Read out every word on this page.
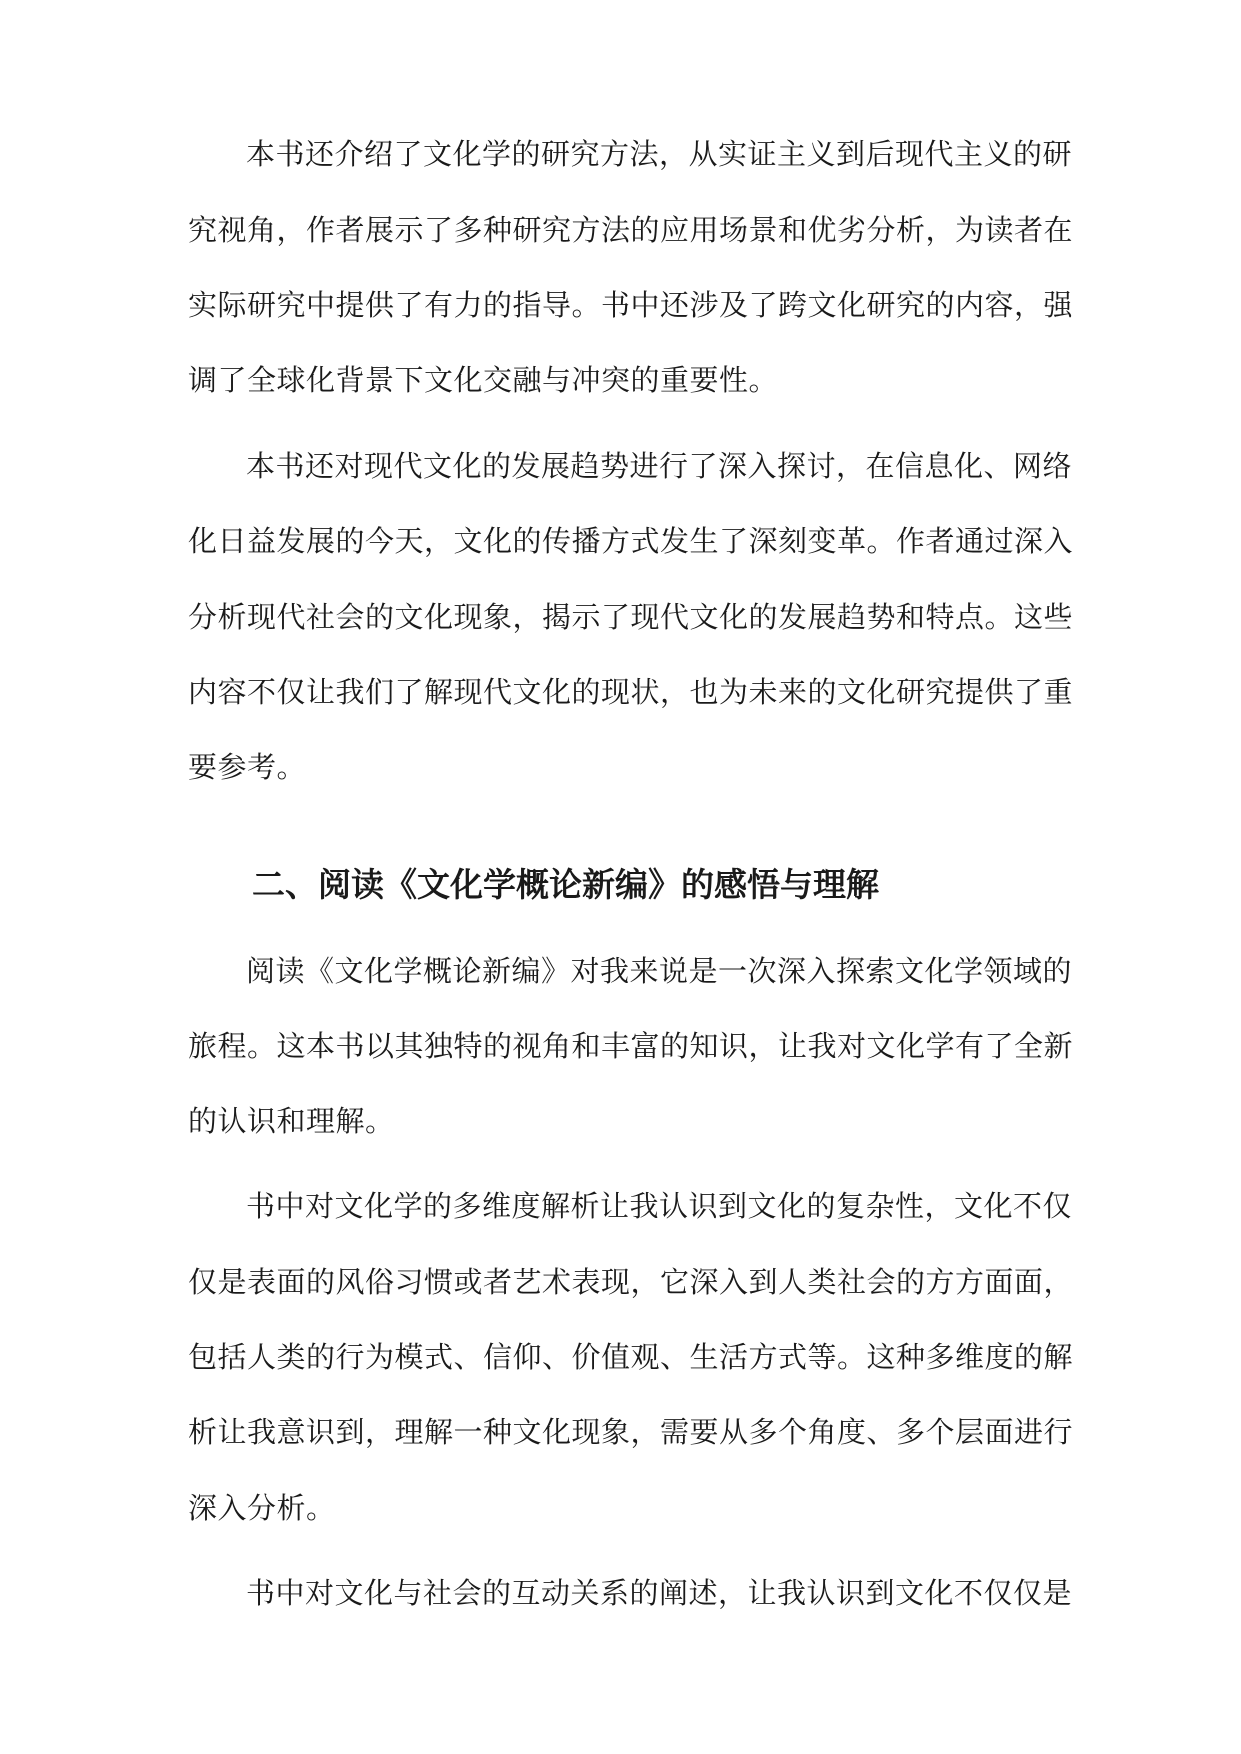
本书还介绍了文化学的研究方法，从实证主义到后现代主义的研
究视角，作者展示了多种研究方法的应用场景和优劣分析，为读者在
实际研究中提供了有力的指导。书中还涉及了跨文化研究的内容，强
调了全球化背景下文化交融与冲突的重要性。
本书还对现代文化的发展趋势进行了深入探讨，在信息化、网络
化日益发展的今天，文化的传播方式发生了深刻变革。作者通过深入
分析现代社会的文化现象，揭示了现代文化的发展趋势和特点。这些
内容不仅让我们了解现代文化的现状，也为未来的文化研究提供了重
要参考。
二、阅读《文化学概论新编》的感悟与理解
阅读《文化学概论新编》对我来说是一次深入探索文化学领域的
旅程。这本书以其独特的视角和丰富的知识，让我对文化学有了全新
的认识和理解。
书中对文化学的多维度解析让我认识到文化的复杂性，文化不仅
仅是表面的风俗习惯或者艺术表现，它深入到人类社会的方方面面，
包括人类的行为模式、信仰、价值观、生活方式等。这种多维度的解
析让我意识到，理解一种文化现象，需要从多个角度、多个层面进行
深入分析。
书中对文化与社会的互动关系的阐述，让我认识到文化不仅仅是
